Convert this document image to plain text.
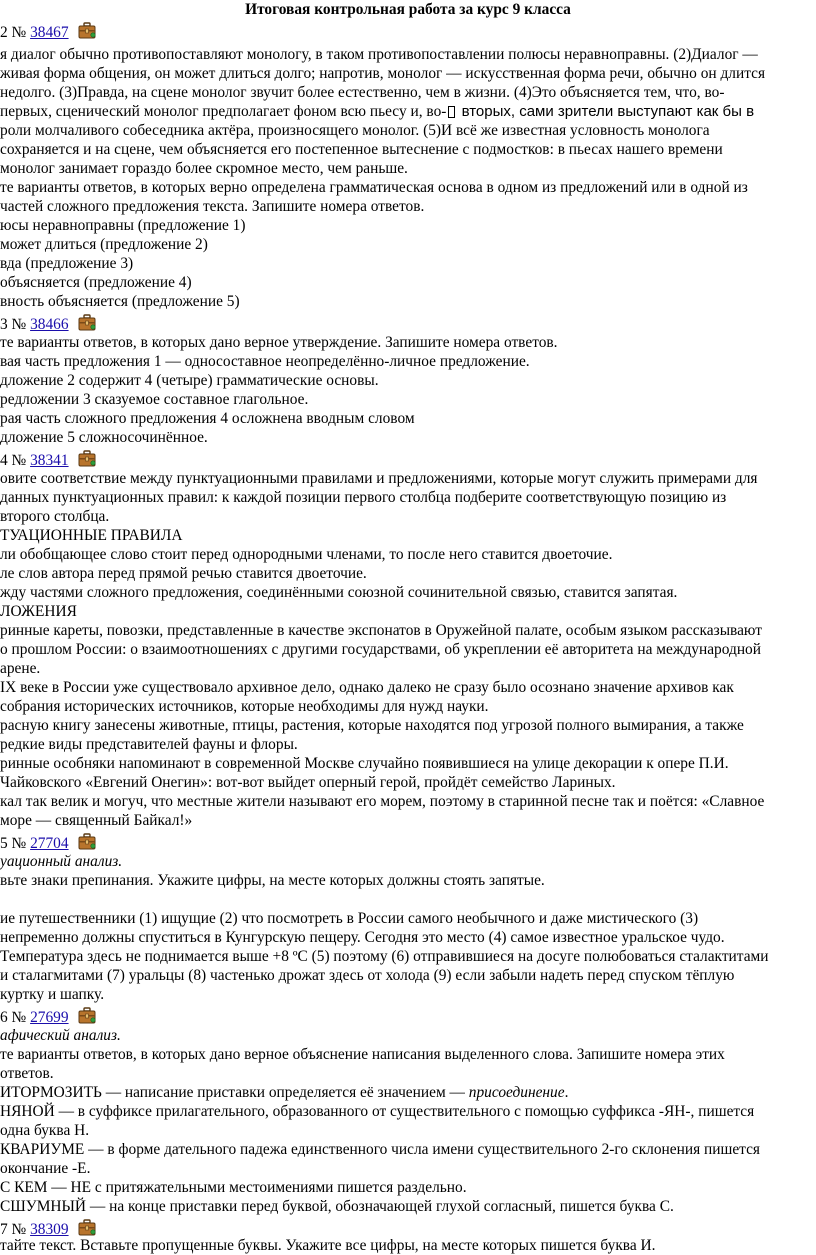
Итоговая контрольная работа за курс 9 класса
2 № 38467
я диалог обычно противопоставляют монологу, в таком противопоставлении полюсы неравноправны. (2)Диалог —
живая форма общения, он может длиться долго; напротив, монолог — искусственная форма речи, обычно он длится
недолго. (3)Правда, на сцене монолог звучит более естественно, чем в жизни. (4)Это объясняется тем, что, во-
первых, сценический монолог предполагает фоном всю пьесу и, во- вторых, сами зрители выступают как бы в
роли молчаливого собеседника актёра, произносящего монолог. (5)И всё же известная условность монолога
сохраняется и на сцене, чем объясняется его постепенное вытеснение с подмостков: в пьесах нашего времени
монолог занимает гораздо более скромное место, чем раньше.
те варианты ответов, в которых верно определена грамматическая основа в одном из предложений или в одной из
частей сложного предложения текста. Запишите номера ответов.
юсы неравноправны (предложение 1)
может длиться (предложение 2)
вда (предложение 3)
объясняется (предложение 4)
вность объясняется (предложение 5)
3 № 38466
те варианты ответов, в которых дано верное утверждение. Запишите номера ответов.
вая часть предложения 1 — односоставное неопределённо-личное предложение.
дложение 2 содержит 4 (четыре) грамматические основы.
редложении 3 сказуемое составное глагольное.
рая часть сложного предложения 4 осложнена вводным словом
дложение 5 сложносочинённое.
4 № 38341
овите соответствие между пунктуационными правилами и предложениями, которые могут служить примерами для
данных пунктуационных правил: к каждой позиции первого столбца подберите соответствующую позицию из
второго столбца.
ТУАЦИОННЫЕ ПРАВИЛА
ли обобщающее слово стоит перед однородными членами, то после него ставится двоеточие.
ле слов автора перед прямой речью ставится двоеточие.
жду частями сложного предложения, соединёнными союзной сочинительной связью, ставится запятая.
ЛОЖЕНИЯ
ринные кареты, повозки, представленные в качестве экспонатов в Оружейной палате, особым языком рассказывают
о прошлом России: о взаимоотношениях с другими государствами, об укреплении её авторитета на международной
арене.
IX веке в России уже существовало архивное дело, однако далеко не сразу было осознано значение архивов как
собрания исторических источников, которые необходимы для нужд науки.
расную книгу занесены животные, птицы, растения, которые находятся под угрозой полного вымирания, а также
редкие виды представителей фауны и флоры.
ринные особняки напоминают в современной Москве случайно появившиеся на улице декорации к опере П.И.
Чайковского «Евгений Онегин»: вот-вот выйдет оперный герой, пройдёт семейство Лариных.
кал так велик и могуч, что местные жители называют его морем, поэтому в старинной песне так и поётся: «Славное
море — священный Байкал!»
5 № 27704
уационный анализ.
вьте знаки препинания. Укажите цифры, на месте которых должны стоять запятые.
ие путешественники (1) ищущие (2) что посмотреть в России самого необычного и даже мистического (3)
непременно должны спуститься в Кунгурскую пещеру. Сегодня это место (4) самое известное уральское чудо.
Температура здесь не поднимается выше +8 ºС (5) поэтому (6) отправившиеся на досуге полюбоваться сталактитами
и сталагмитами (7) уральцы (8) частенько дрожат здесь от холода (9) если забыли надеть перед спуском тёплую
куртку и шапку.
6 № 27699
афический анализ.
те варианты ответов, в которых дано верное объяснение написания выделенного слова. Запишите номера этих
ответов.
ИТОРМОЗИТЬ — написание приставки определяется её значением — присоединение.
НЯНОЙ — в суффиксе прилагательного, образованного от существительного с помощью суффикса -ЯН-, пишется
одна буква Н.
КВАРИУМЕ — в форме дательного падежа единственного числа имени существительного 2-го склонения пишется
окончание -Е.
С КЕМ — НЕ с притяжательными местоимениями пишется раздельно.
СШУМНЫЙ — на конце приставки перед буквой, обозначающей глухой согласный, пишется буква С.
7 № 38309
тайте текст. Вставьте пропущенные буквы. Укажите все цифры, на месте которых пишется буква И.
